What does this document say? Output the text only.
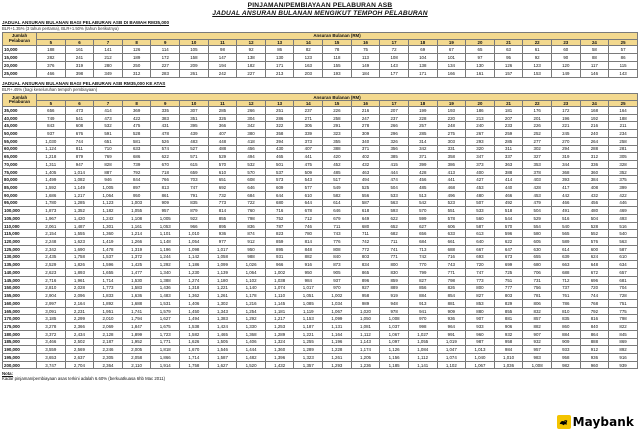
PINJAMAN/PEMBIAYAAN PELABURAN ASB
JADUAL ANSURAN BULANAN MENGIKUT TEMPOH PELABURAN
JADUAL ANSURAN BULANAN BAGI PELABURAN ASB DI BAWAH RM35,000
BLR+1.35% (3 tahun pertama), BLR+1.50% (tahun berikutnya)
Jumlah Pelaburan	Ansuran Bulanan (RM)																				
	5	6	7	8	9	10	11	12	13	14	15	16	17	18	19	20	21	22	23	24	25
10,000	188	161	141	126	114	105	98	92	86	82	78	75	72	69	67	65	63	61	60	58	57
15,000	282	241	212	189	172	158	147	138	130	123	118	113	108	104	101	97	95	92	90	88	86
20,000	376	319	280	250	227	209	194	182	171	163	155	149	143	138	134	130	126	123	120	117	115
25,000	466	398	349	312	283	261	242	227	213	203	193	184	177	171	166	161	157	153	149	146	143
JADUAL ANSURAN BULANAN BAGI PELABURAN ASB RM35,000 KE ATAS
BLR+.45% (bagi keseluruhan tempoh pembiayaan)
Jumlah Pelaburan	Ansuran Bulanan (RM)																				
	5	6	7	8	9	10	11	12	13	14	15	16	17	18	19	20	21	22	23	24	25
35,000	656	473	414	369	335	307	285	266	251	237	226	216	207	199	193	186	181	176	172	168	164
40,000	749	541	473	422	383	351	326	304	286	271	258	247	237	228	220	213	207	201	196	192	188
45,000	843	608	532	475	431	395	366	342	322	305	291	278	266	257	248	240	233	226	221	216	211
50,000	937	676	591	528	478	439	407	380	358	339	323	309	296	285	275	267	259	252	245	240	234
55,000	1,030	744	651	581	526	483	448	418	394	373	355	340	326	314	303	293	285	277	270	264	258
60,000	1,124	811	710	633	574	527	488	456	430	407	388	371	356	342	331	320	311	302	294	288	281
65,000	1,218	879	769	686	622	571	529	494	465	441	420	402	385	371	358	347	337	327	319	312	305
70,000	1,311	947	828	739	670	615	570	532	501	475	452	432	415	399	386	373	363	353	344	336	328
75,000	1,405	1,014	887	792	718	659	610	570	537	509	485	463	444	428	413	400	388	378	368	360	352
80,000	1,499	1,082	946	844	766	703	651	608	573	543	517	494	474	456	441	427	414	403	393	384	375
85,000	1,592	1,149	1,005	897	813	747	692	646	609	577	549	525	504	485	468	453	440	428	417	408	399
90,000	1,686	1,217	1,064	950	861	791	732	684	644	610	582	556	533	513	496	480	466	453	442	432	422
95,000	1,780	1,285	1,123	1,003	909	835	773	722	680	644	614	587	563	542	523	507	492	479	466	456	446
100,000	1,873	1,352	1,182	1,055	957	879	814	760	716	678	646	618	593	570	551	533	518	504	491	480	469
105,000	1,967	1,420	1,242	1,108	1,005	922	855	798	752	712	679	649	622	599	578	560	544	529	516	504	493
110,000	2,061	1,487	1,301	1,161	1,053	966	895	836	787	746	711	680	652	627	606	587	570	554	540	528	516
115,000	2,154	1,555	1,360	1,214	1,101	1,010	936	874	823	780	743	711	682	656	633	613	596	580	565	552	540
120,000	2,248	1,623	1,419	1,266	1,148	1,054	977	912	859	814	776	742	711	684	661	640	622	605	589	576	563
125,000	2,342	1,690	1,478	1,319	1,196	1,098	1,017	950	895	848	808	772	741	713	688	667	647	630	614	600	587
130,000	2,435	1,758	1,537	1,372	1,244	1,142	1,058	988	931	882	840	803	771	742	716	693	673	655	639	624	610
135,000	2,529	1,826	1,596	1,425	1,292	1,186	1,099	1,026	966	916	873	834	800	770	743	720	699	680	663	648	634
140,000	2,623	1,893	1,655	1,477	1,340	1,230	1,139	1,064	1,002	950	905	865	830	799	771	747	725	706	688	672	657
145,000	2,716	1,961	1,714	1,530	1,388	1,274	1,180	1,102	1,038	984	937	896	859	827	798	773	751	731	712	696	681
150,000	2,810	2,028	1,773	1,583	1,436	1,318	1,221	1,140	1,074	1,017	970	927	889	856	826	800	777	756	737	720	704
155,000	2,904	2,096	1,833	1,636	1,483	1,362	1,261	1,178	1,110	1,051	1,002	958	919	884	854	827	803	781	761	744	728
160,000	2,997	2,164	1,892	1,688	1,531	1,406	1,302	1,216	1,145	1,085	1,034	989	948	913	881	853	829	806	786	768	751
165,000	3,091	2,231	1,951	1,741	1,579	1,450	1,343	1,254	1,181	1,119	1,067	1,020	978	941	909	880	855	832	810	792	775
170,000	3,185	2,299	2,010	1,794	1,627	1,494	1,383	1,292	1,217	1,153	1,099	1,050	1,008	970	936	907	881	857	835	816	798
175,000	3,278	2,366	2,069	1,847	1,675	1,538	1,424	1,330	1,253	1,187	1,131	1,081	1,037	998	964	933	906	882	860	840	822
180,000	3,372	2,434	2,128	1,899	1,723	1,582	1,465	1,368	1,289	1,221	1,164	1,112	1,067	1,027	991	960	932	907	884	864	845
185,000	3,466	2,502	2,187	1,952	1,771	1,626	1,505	1,406	1,324	1,255	1,196	1,143	1,097	1,055	1,019	987	958	932	909	888	869
190,000	3,559	2,569	2,246	2,005	1,818	1,670	1,546	1,444	1,360	1,289	1,228	1,174	1,126	1,084	1,047	1,013	984	957	933	912	892
195,000	3,653	2,637	2,305	2,058	1,866	1,714	1,587	1,482	1,396	1,323	1,261	1,205	1,156	1,112	1,074	1,040	1,010	983	958	936	916
200,000	3,747	2,704	2,364	2,110	1,914	1,758	1,627	1,520	1,432	1,357	1,293	1,236	1,185	1,141	1,102	1,067	1,036	1,008	982	960	939
Nota:
Kadar pinjaman/pembiayaan asas terkini adalah 6.60% (berkuatkuasa 6hb Mac 2011)
Maybank
